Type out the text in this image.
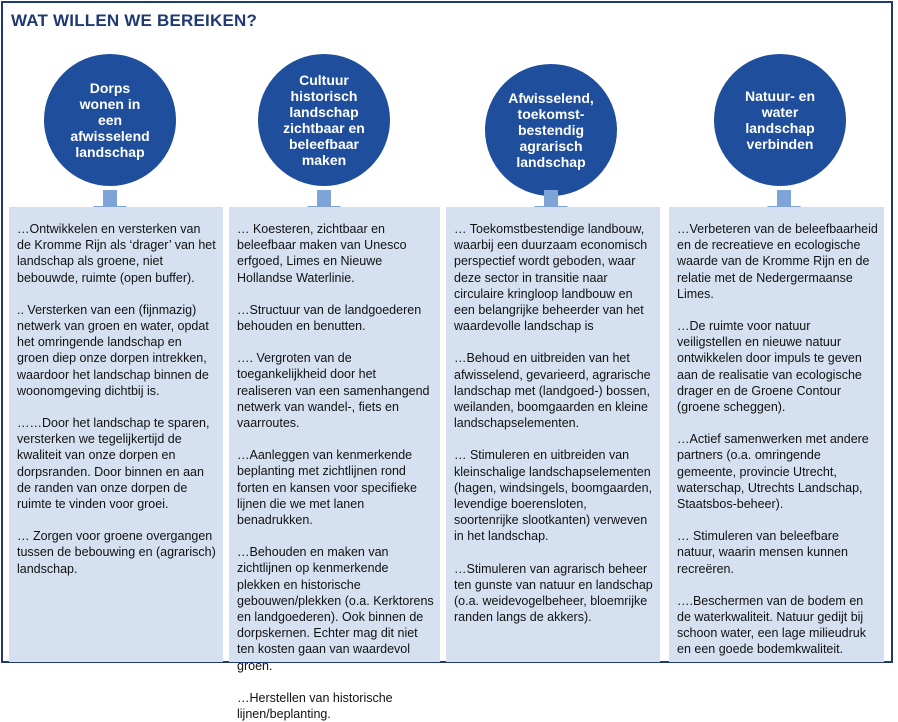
WAT WILLEN WE BEREIKEN?
Dorps wonen in een afwisselend landschap

…Ontwikkelen en versterken van de Kromme Rijn als ‘drager’ van het landschap als groene, niet bebouwde, ruimte (open buffer).

.. Versterken van een (fijnmazig) netwerk van groen en water, opdat het omringende landschap en groen diep onze dorpen intrekken, waardoor het landschap binnen de woonomgeving dichtbij is.

……Door het landschap te sparen, versterken we tegelijkertijd de kwaliteit van onze dorpen en dorpsranden. Door binnen en aan de randen van onze dorpen de ruimte te vinden voor groei.

… Zorgen voor groene overgangen tussen de bebouwing en (agrarisch) landschap.

Cultuur historisch landschap zichtbaar en beleefbaar maken

… Koesteren, zichtbaar en beleefbaar maken van Unesco erfgoed, Limes en Nieuwe Hollandse Waterlinie.

…Structuur van de landgoederen behouden en benutten.

…. Vergroten van de toegankelijkheid door het realiseren van een samenhangend netwerk van wandel-, fiets en vaarroutes.

…Aanleggen van kenmerkende beplanting met zichtlijnen rond forten en kansen voor specifieke lijnen die we met lanen benadrukken.

…Behouden en maken van zichtlijnen op kenmerkende plekken en historische gebouwen/plekken (o.a. Kerktorens en landgoederen). Ook binnen de dorpskernen. Echter mag dit niet ten kosten gaan van waardevol groen.

…Herstellen van historische lijnen/beplanting.

Afwisselend, toekomst-bestendig agrarisch landschap

… Toekomstbestendige landbouw, waarbij een duurzaam economisch perspectief wordt geboden, waar deze sector in transitie naar circulaire kringloop landbouw en een belangrijke beheerder van het waardevolle landschap is

…Behoud en uitbreiden van het afwisselend, gevarieerd, agrarische landschap met (landgoed-) bossen, weilanden, boomgaarden en kleine landschapselementen.

… Stimuleren en uitbreiden van kleinschalige landschapselementen (hagen, windsingels, boomgaarden, levendige boerensloten, soortenrijke slootkanten) verweven in het landschap.

…Stimuleren van agrarisch beheer ten gunste van natuur en landschap (o.a. weidevogelbeheer, bloemrijke randen langs de akkers).

Natuur- en water landschap verbinden

…Verbeteren van de beleefbaarheid en de recreatieve en ecologische waarde van de Kromme Rijn en de relatie met de Nedergermaanse Limes.

…De ruimte voor natuur veiligstellen en nieuwe natuur ontwikkelen door impuls te geven aan de realisatie van ecologische drager en de Groene Contour (groene scheggen).

…Actief samenwerken met andere partners (o.a. omringende gemeente, provincie Utrecht, waterschap, Utrechts Landschap, Staatsbos-beheer).

… Stimuleren van beleefbare natuur, waarin mensen kunnen recreëren.

….Beschermen van de bodem en de waterkwaliteit. Natuur gedijt bij schoon water, een lage milieudruk en een goede bodemkwaliteit.
